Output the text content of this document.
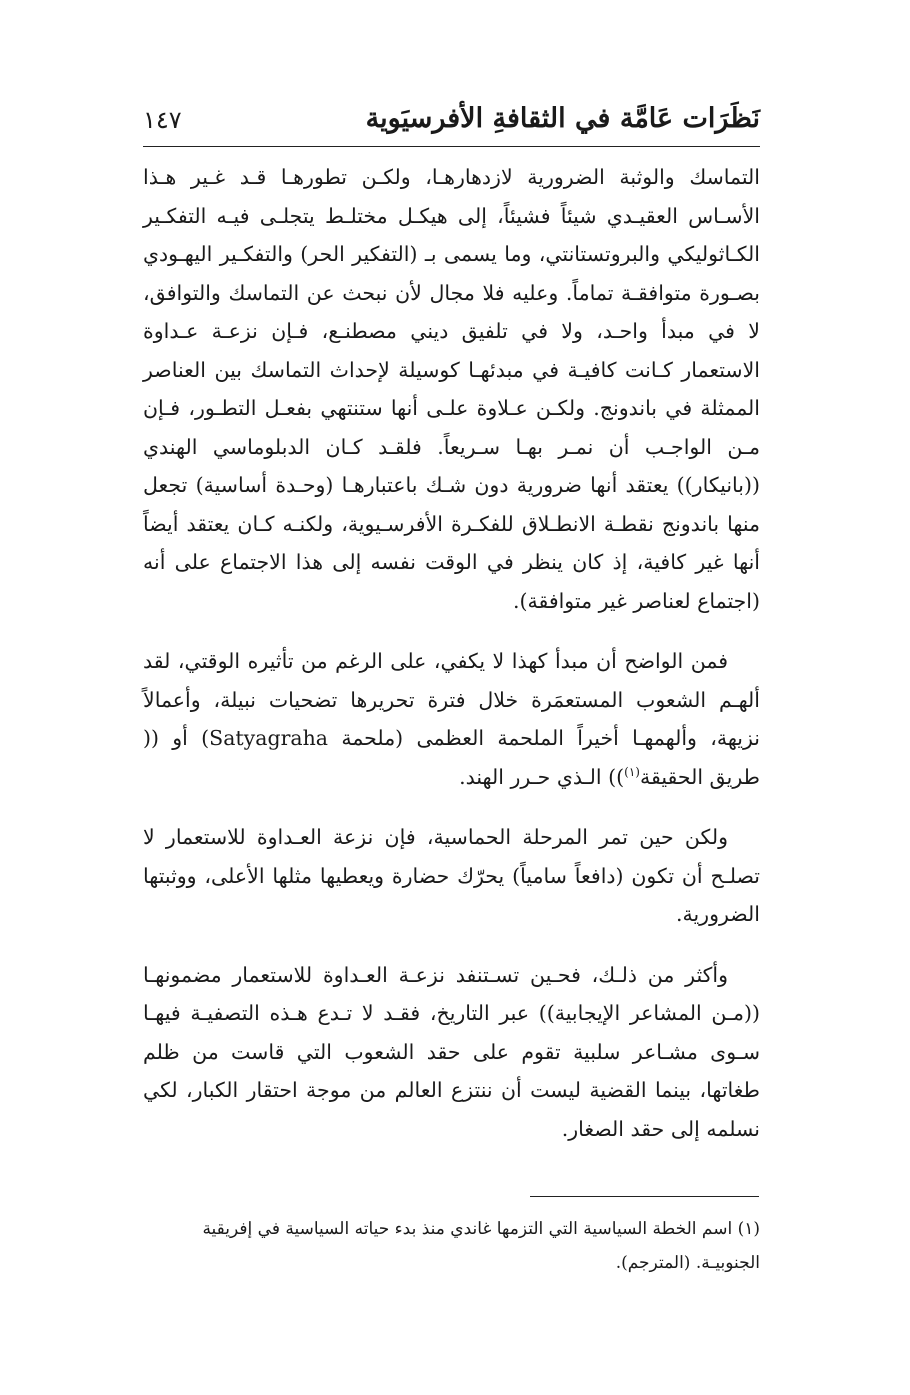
نَظَرَات عَامَّة في الثقافةِ الأفرسيَوية
١٤٧

التماسك والوثبة الضرورية لازدهارهـا، ولكـن تطورهـا قـد غـير هـذا الأسـاس العقيـدي شيئاً فشيئاً، إلى هيكـل مختلـط يتجلـى فيـه التفكـير الكـاثوليكي والبروتستانتي، وما يسمى بـ (التفكير الحر) والتفكـير اليهـودي بصـورة متوافقـة تماماً. وعليه فلا مجال لأن نبحث عن التماسك والتوافق، لا في مبدأ واحـد، ولا في تلفيق ديني مصطنـع، فـإن نزعـة عـداوة الاستعمار كـانت كافيـة في مبدئهـا كوسيلة لإحداث التماسك بين العناصر الممثلة في باندونج. ولكـن عـلاوة علـى أنها ستنتهي بفعـل التطـور، فـإن مـن الواجـب أن نمـر بهـا سـريعاً. فلقـد كـان الدبلوماسي الهندي ((بانيكار)) يعتقد أنها ضرورية دون شـك باعتبارهـا (وحـدة أساسية) تجعل منها باندونج نقطـة الانطـلاق للفكـرة الأفرسـيوية، ولكنـه كـان يعتقد أيضاً أنها غير كافية، إذ كان ينظر في الوقت نفسه إلى هذا الاجتماع على أنه (اجتماع لعناصر غير متوافقة).

فمن الواضح أن مبدأ كهذا لا يكفي، على الرغم من تأثيره الوقتي، لقد ألهـم الشعوب المستعمَرة خلال فترة تحريرها تضحيات نبيلة، وأعمالاً نزيهة، وألهمهـا أخيراً الملحمة العظمى (ملحمة Satyagraha) أو (( طريق الحقيقة$^{(١)}$)) الـذي حـرر الهند.

ولكن حين تمر المرحلة الحماسية، فإن نزعة العـداوة للاستعمار لا تصلـح أن تكون (دافعاً سامياً) يحرّك حضارة ويعطيها مثلها الأعلى، ووثبتها الضرورية.

وأكثر من ذلـك، فحـين تسـتنفد نزعـة العـداوة للاستعمار مضمونهـا ((مـن المشاعر الإيجابية)) عبر التاريخ، فقـد لا تـدع هـذه التصفيـة فيهـا سـوى مشـاعر سلبية تقوم على حقد الشعوب التي قاست من ظلم طغاتها، بينما القضية ليست أن ننتزع العالم من موجة احتقار الكبار، لكي نسلمه إلى حقد الصغار.

(١) اسم الخطة السياسية التي التزمها غاندي منذ بدء حياته السياسية في إفريقية الجنوبيـة. (المترجم).
